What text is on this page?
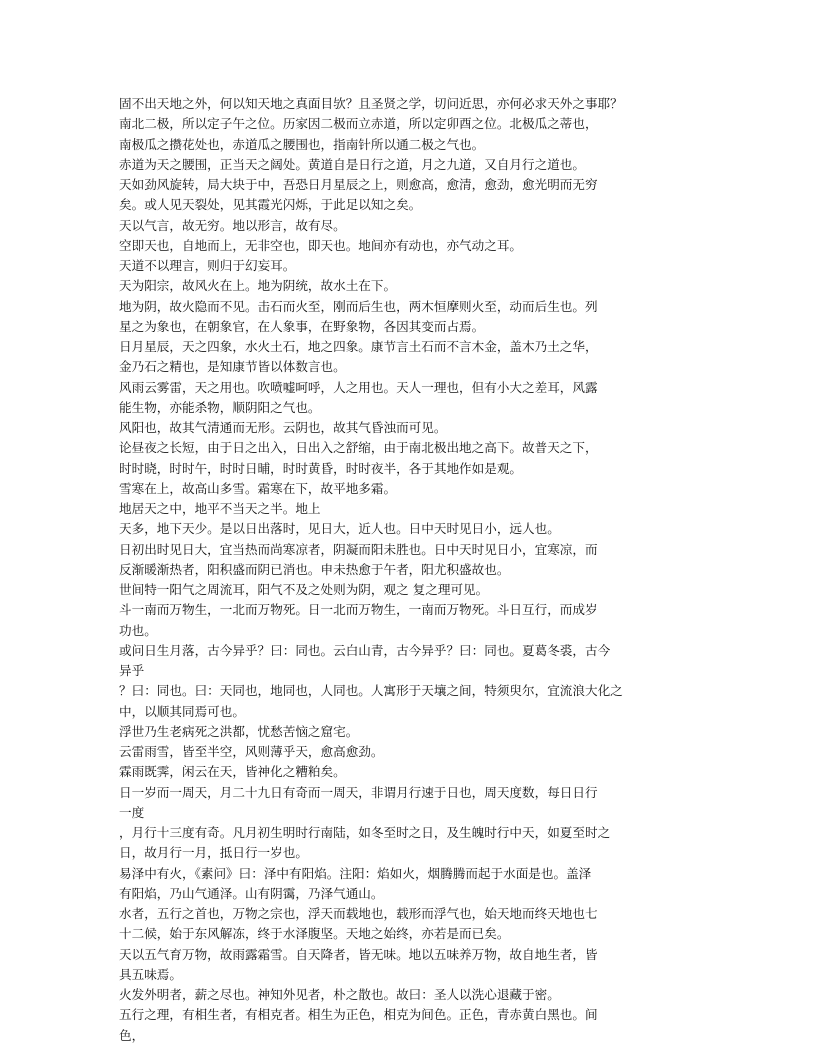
固不出天地之外，何以知天地之真面目欤？且圣贤之学，切问近思，亦何必求天外之事耶？
南北二极，所以定子午之位。历家因二极而立赤道，所以定卯酉之位。北极瓜之蒂也，
南极瓜之攒花处也，赤道瓜之腰围也，指南针所以通二极之气也。
赤道为天之腰围，正当天之阔处。黄道自是日行之道，月之九道，又自月行之道也。
天如劲风旋转，局大块于中，吾恐日月星辰之上，则愈高，愈清，愈劲，愈光明而无穷
矣。或人见天裂处，见其霞光闪烁，于此足以知之矣。
天以气言，故无穷。地以形言，故有尽。
空即天也，自地而上，无非空也，即天也。地间亦有动也，亦气动之耳。
天道不以理言，则归于幻妄耳。
天为阳宗，故风火在上。地为阴统，故水土在下。
地为阴，故火隐而不见。击石而火至，刚而后生也，两木恒摩则火至，动而后生也。列
星之为象也，在朝象官，在人象事，在野象物，各因其变而占焉。
日月星辰，天之四象，水火土石，地之四象。康节言土石而不言木金，盖木乃土之华，
金乃石之精也，是知康节皆以体数言也。
风雨云雾雷，天之用也。吹喷嘘呵呼，人之用也。天人一理也，但有小大之差耳，风露
能生物，亦能杀物，顺阴阳之气也。
风阳也，故其气清通而无形。云阴也，故其气昏浊而可见。
论昼夜之长短，由于日之出入，日出入之舒缩，由于南北极出地之高下。故普天之下，
时时晓，时时午，时时日晡，时时黄昏，时时夜半，各于其地作如是观。
雪寒在上，故高山多雪。霜寒在下，故平地多霜。
地居天之中，地平不当天之半。地上
天多，地下天少。是以日出落时，见日大，近人也。日中天时见日小，远人也。
日初出时见日大，宜当热而尚寒凉者，阴凝而阳未胜也。日中天时见日小，宜寒凉，而
反渐暖渐热者，阳积盛而阴已消也。申未热愈于午者，阳尤积盛故也。
世间特一阳气之周流耳，阳气不及之处则为阴，观之 复之理可见。
斗一南而万物生，一北而万物死。日一北而万物生，一南而万物死。斗日互行，而成岁
功也。
或问日生月落，古今异乎？曰：同也。云白山青，古今异乎？曰：同也。夏葛冬裘，古今
异乎
？曰：同也。曰：天同也，地同也，人同也。人寓形于天壤之间，特须臾尔，宜流浪大化之
中，以顺其同焉可也。
浮世乃生老病死之洪都，忧愁苦恼之窟宅。
云雷雨雪，皆至半空，风则薄乎天，愈高愈劲。
霖雨既霁，闲云在天，皆神化之糟粕矣。
日一岁而一周天，月二十九日有奇而一周天，非谓月行速于日也，周天度数，每日日行
一度
，月行十三度有奇。凡月初生明时行南陆，如冬至时之日，及生魄时行中天，如夏至时之
日，故月行一月，抵日行一岁也。
易泽中有火，《素问》曰：泽中有阳焰。注阳：焰如火，烟腾腾而起于水面是也。盖泽
有阳焰，乃山气通泽。山有阴霭，乃泽气通山。
水者，五行之首也，万物之宗也，浮天而载地也，载形而浮气也，始天地而终天地也七
十二候，始于东风解冻，终于水泽腹坚。天地之始终，亦若是而已矣。
天以五气育万物，故雨露霜雪。自天降者，皆无味。地以五味养万物，故自地生者，皆
具五味焉。
火发外明者，薪之尽也。神知外见者，朴之散也。故曰：圣人以洗心退藏于密。
五行之理，有相生者，有相克者。相生为正色，相克为间色。正色，青赤黄白黑也。间
色，
